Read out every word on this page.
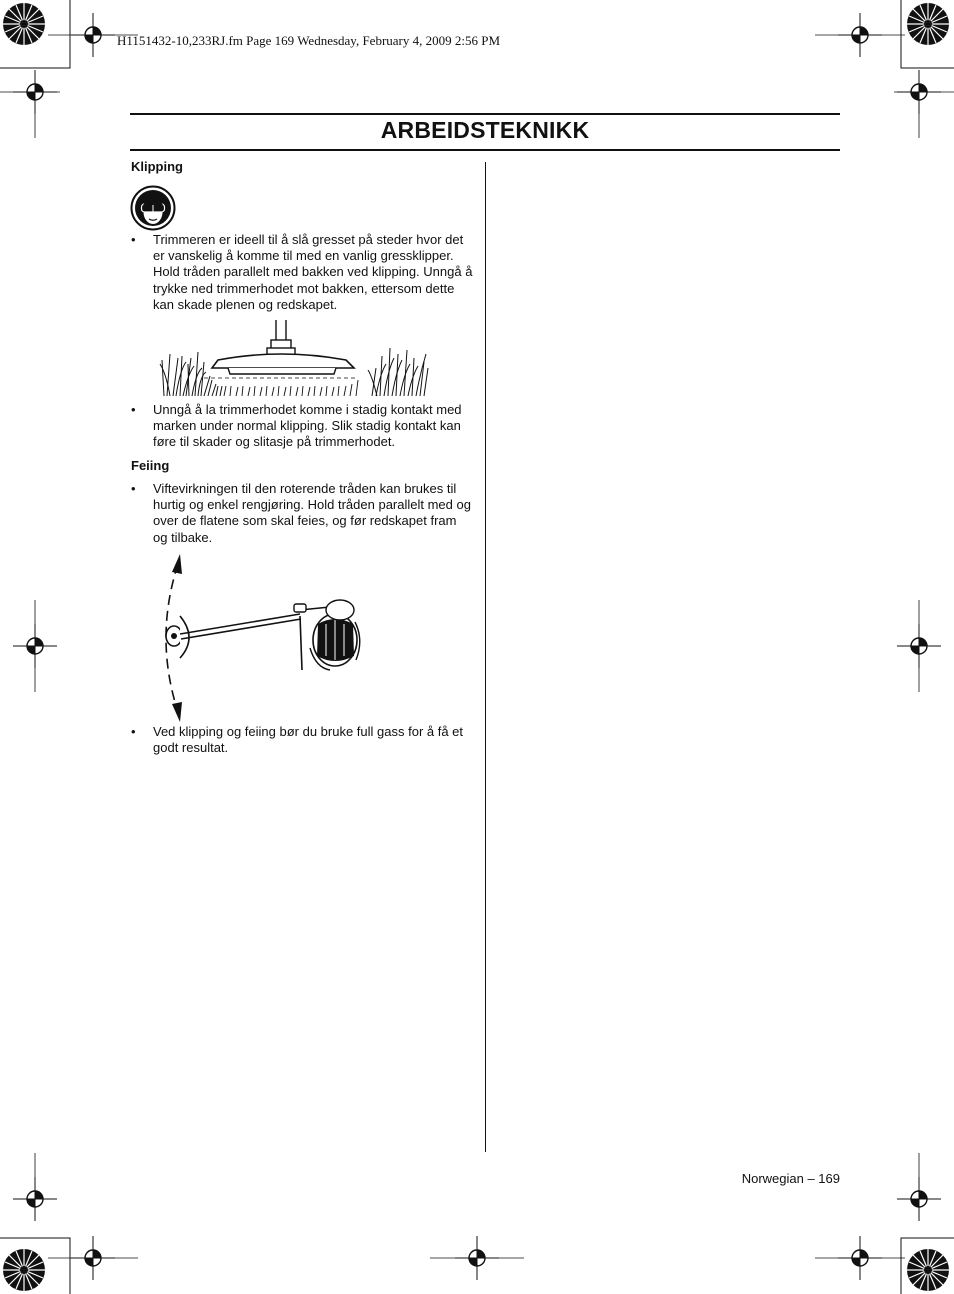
H1151432-10,233RJ.fm Page 169 Wednesday, February 4, 2009 2:56 PM
ARBEIDSTEKNIKK
Klipping
• Trimmeren er ideell til å slå gresset på steder hvor det er vanskelig å komme til med en vanlig gressklipper. Hold tråden parallelt med bakken ved klipping. Unngå å trykke ned trimmerhodet mot bakken, ettersom dette kan skade plenen og redskapet.
• Unngå å la trimmerhodet komme i stadig kontakt med marken under normal klipping. Slik stadig kontakt kan føre til skader og slitasje på trimmerhodet.
Feiing
• Viftevirkningen til den roterende tråden kan brukes til hurtig og enkel rengjøring. Hold tråden parallelt med og over de flatene som skal feies, og før redskapet fram og tilbake.
• Ved klipping og feiing bør du bruke full gass for å få et godt resultat.
Norwegian – 169
